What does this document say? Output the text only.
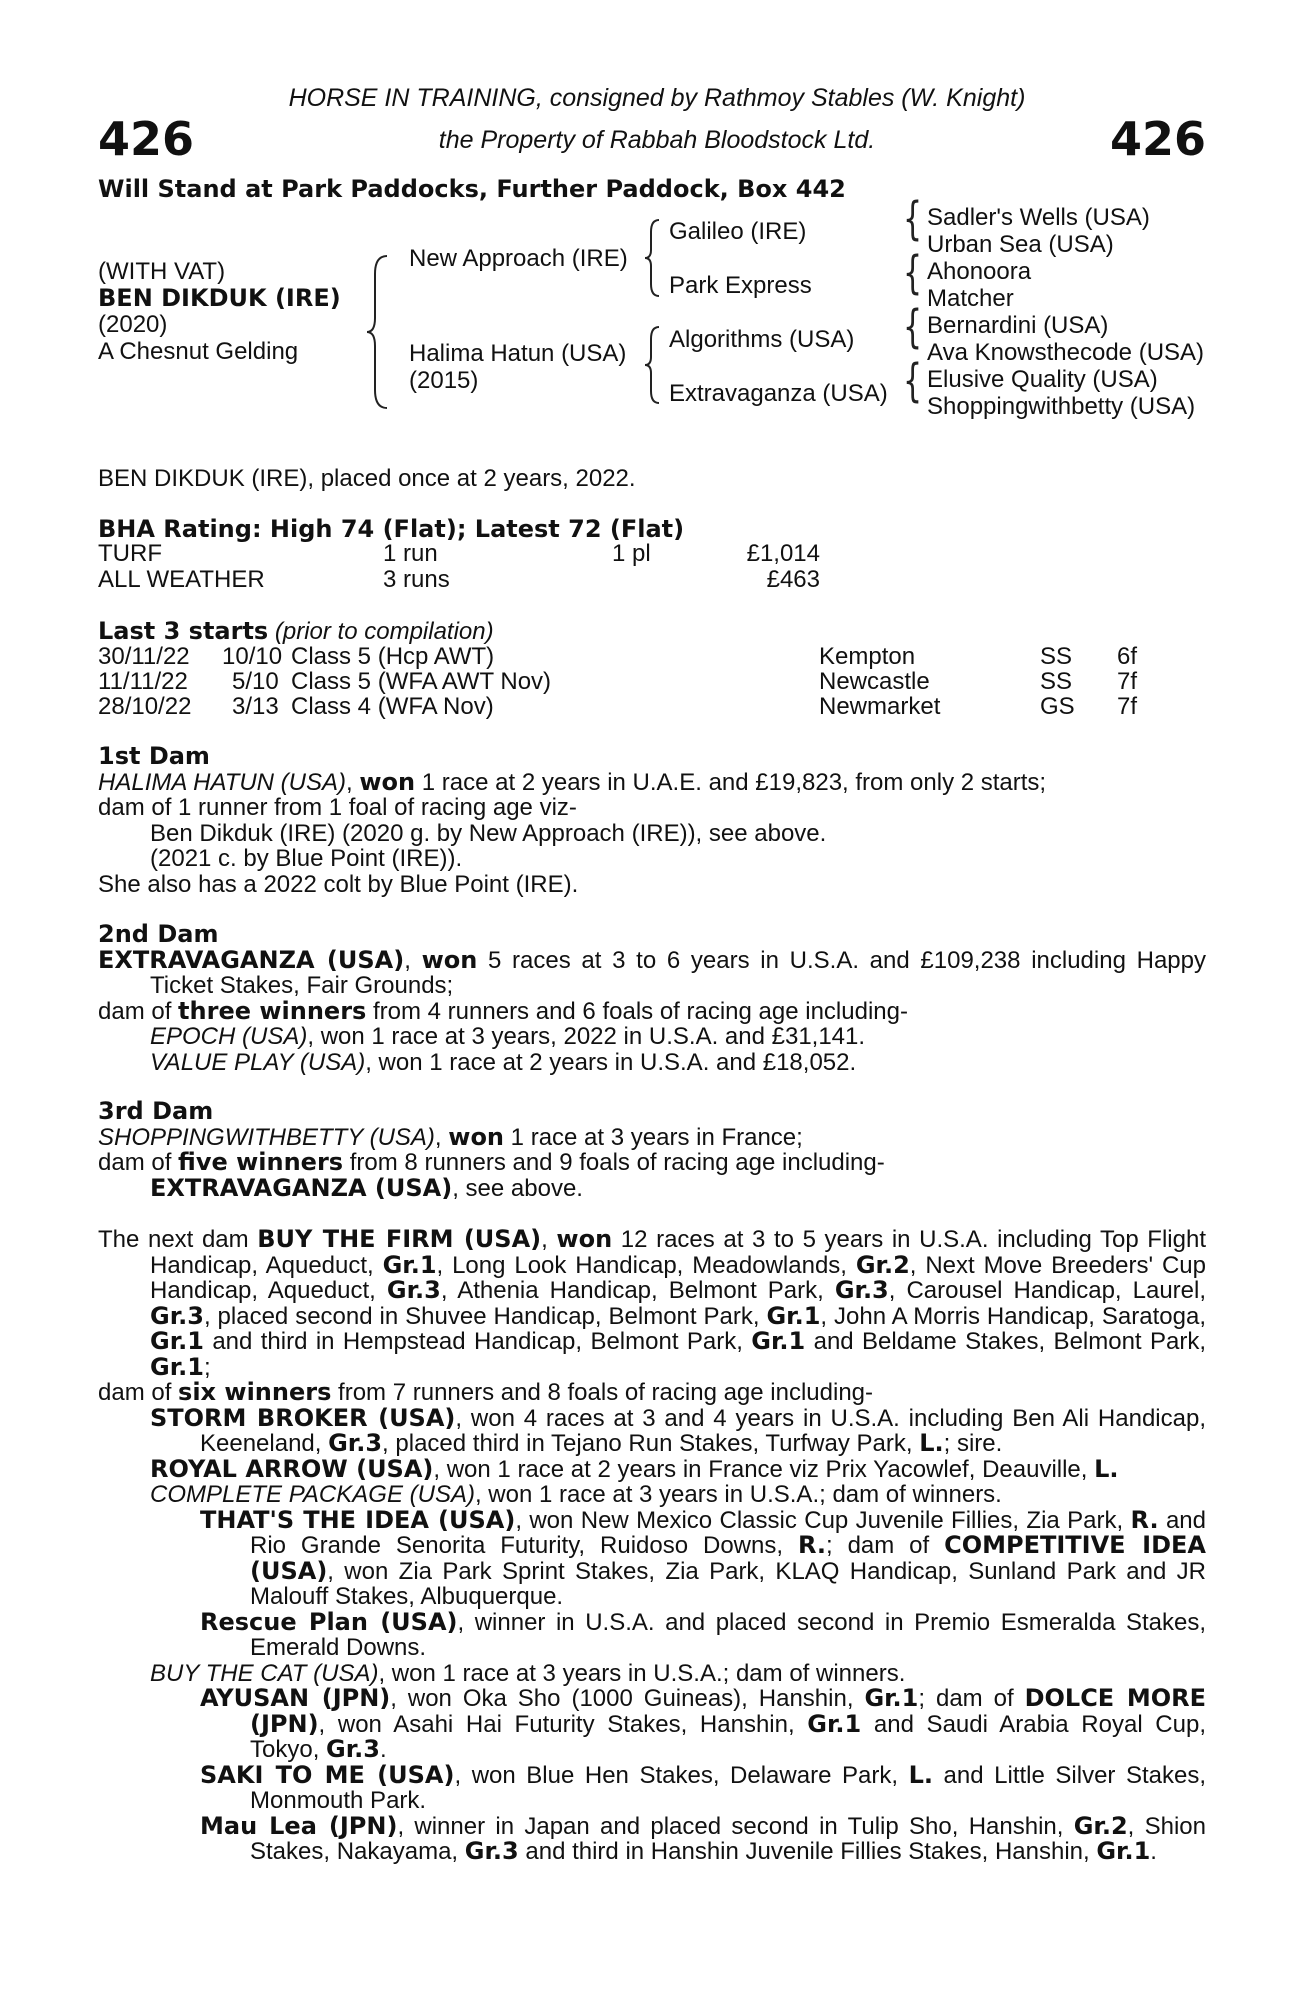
426	426
HORSE IN TRAINING, consigned by Rathmoy Stables (W. Knight)
the Property of Rabbah Bloodstock Ltd.
Will Stand at Park Paddocks, Further Paddock, Box 442
(WITH VAT)
BEN DIKDUK (IRE)
(2020)
A Chesnut Gelding
New Approach (IRE)
Halima Hatun (USA)
(2015)
Galileo (IRE)
Park Express
Algorithms (USA)
Extravaganza (USA)
{
{
{
{
Sadler's Wells (USA)
Urban Sea (USA)
Ahonoora
Matcher
Bernardini (USA)
Ava Knowsthecode (USA)
Elusive Quality (USA)
Shoppingwithbetty (USA)
BEN DIKDUK (IRE), placed once at 2 years, 2022.
BHA Rating: High 74 (Flat); Latest 72 (Flat)
TURF	1 run	1 pl	£1,014
ALL WEATHER	3 runs	£463
Last 3 starts (prior to compilation)
30/11/22 10/10 Class 5 (Hcp AWT)	Kempton	SS 6f
11/11/22 5/10 Class 5 (WFA AWT Nov)	Newcastle	SS 7f
28/10/22 3/13 Class 4 (WFA Nov)	Newmarket	GS 7f

1st Dam

HALIMA HATUN (USA), won 1 race at 2 years in U.A.E. and £19,823, from only 2 starts;

dam of 1 runner from 1 foal of racing age viz-

Ben Dikduk (IRE) (2020 g. by New Approach (IRE)), see above.

(2021 c. by Blue Point (IRE)).

She also has a 2022 colt by Blue Point (IRE).

2nd Dam

EXTRAVAGANZA (USA), won 5 races at 3 to 6 years in U.S.A. and £109,238 including Happy Ticket Stakes, Fair Grounds;

dam of three winners from 4 runners and 6 foals of racing age including-

EPOCH (USA), won 1 race at 3 years, 2022 in U.S.A. and £31,141.

VALUE PLAY (USA), won 1 race at 2 years in U.S.A. and £18,052.

3rd Dam

SHOPPINGWITHBETTY (USA), won 1 race at 3 years in France;

dam of five winners from 8 runners and 9 foals of racing age including-

EXTRAVAGANZA (USA), see above.

The next dam BUY THE FIRM (USA), won 12 races at 3 to 5 years in U.S.A. including Top Flight Handicap, Aqueduct, Gr.1, Long Look Handicap, Meadowlands, Gr.2, Next Move Breeders' Cup Handicap, Aqueduct, Gr.3, Athenia Handicap, Belmont Park, Gr.3, Carousel Handicap, Laurel, Gr.3, placed second in Shuvee Handicap, Belmont Park, Gr.1, John A Morris Handicap, Saratoga, Gr.1 and third in Hempstead Handicap, Belmont Park, Gr.1 and Beldame Stakes, Belmont Park, Gr.1;

dam of six winners from 7 runners and 8 foals of racing age including-

STORM BROKER (USA), won 4 races at 3 and 4 years in U.S.A. including Ben Ali Handicap, Keeneland, Gr.3, placed third in Tejano Run Stakes, Turfway Park, L.; sire.

ROYAL ARROW (USA), won 1 race at 2 years in France viz Prix Yacowlef, Deauville, L.

COMPLETE PACKAGE (USA), won 1 race at 3 years in U.S.A.; dam of winners.

THAT'S THE IDEA (USA), won New Mexico Classic Cup Juvenile Fillies, Zia Park, R. and Rio Grande Senorita Futurity, Ruidoso Downs, R.; dam of COMPETITIVE IDEA (USA), won Zia Park Sprint Stakes, Zia Park, KLAQ Handicap, Sunland Park and JR Malouff Stakes, Albuquerque.

Rescue Plan (USA), winner in U.S.A. and placed second in Premio Esmeralda Stakes, Emerald Downs.

BUY THE CAT (USA), won 1 race at 3 years in U.S.A.; dam of winners.

AYUSAN (JPN), won Oka Sho (1000 Guineas), Hanshin, Gr.1; dam of DOLCE MORE (JPN), won Asahi Hai Futurity Stakes, Hanshin, Gr.1 and Saudi Arabia Royal Cup, Tokyo, Gr.3.

SAKI TO ME (USA), won Blue Hen Stakes, Delaware Park, L. and Little Silver Stakes, Monmouth Park.

Mau Lea (JPN), winner in Japan and placed second in Tulip Sho, Hanshin, Gr.2, Shion Stakes, Nakayama, Gr.3 and third in Hanshin Juvenile Fillies Stakes, Hanshin, Gr.1.
